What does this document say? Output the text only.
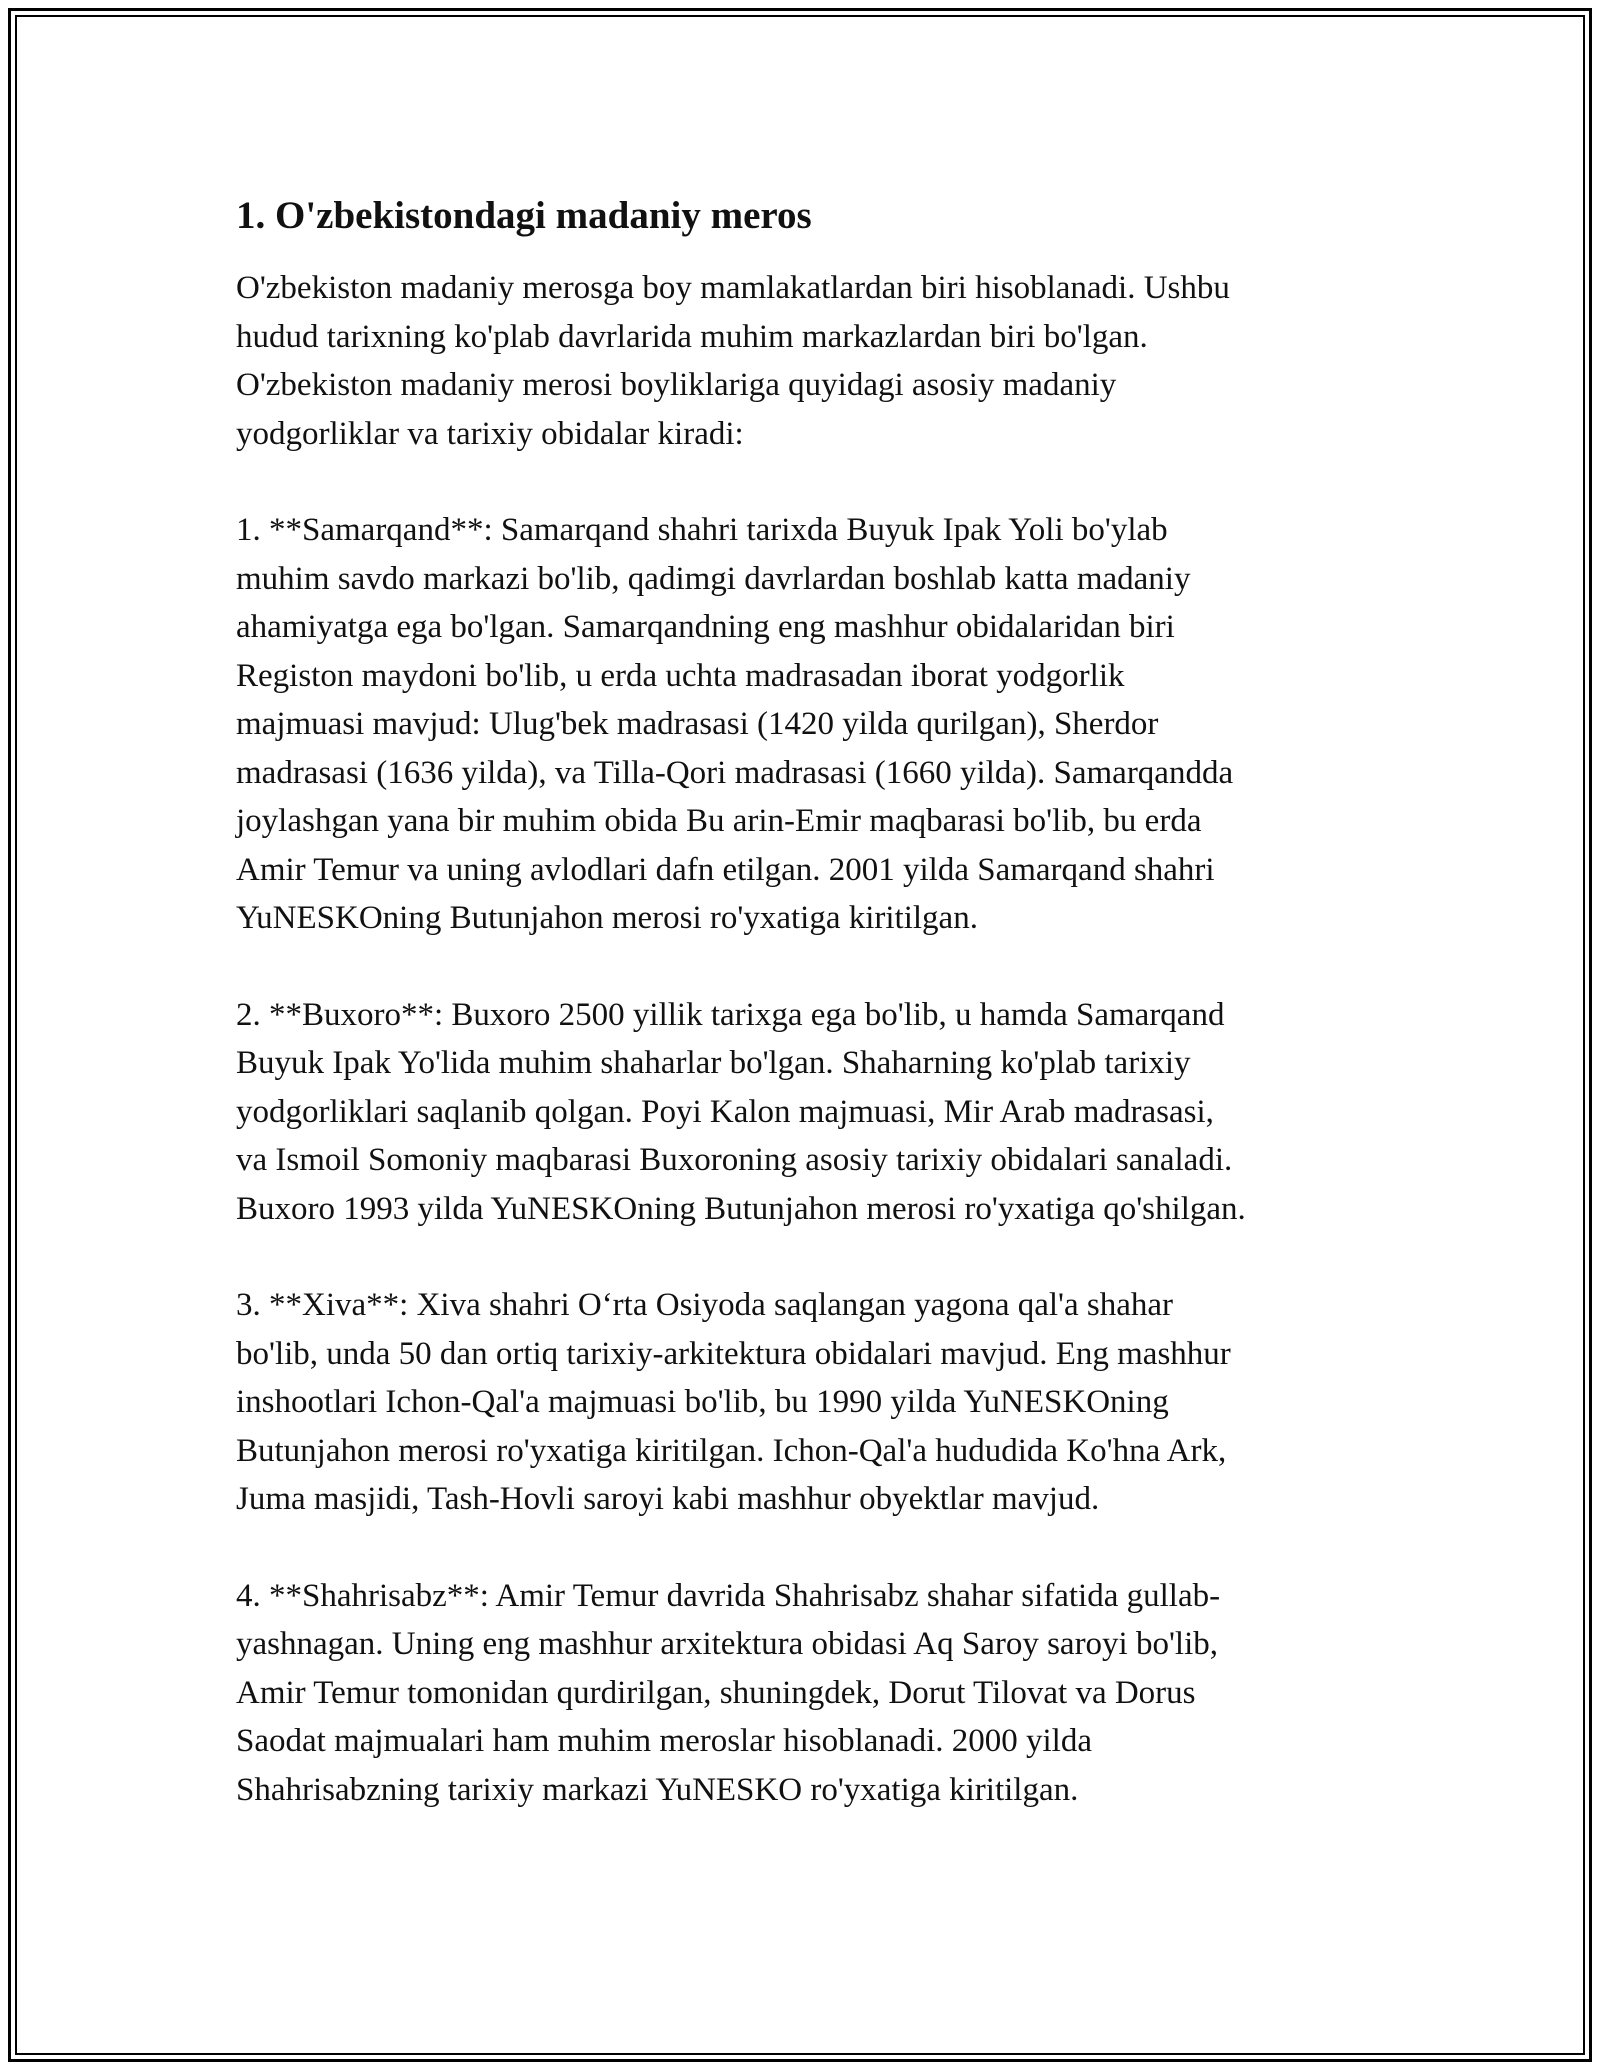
1. O'zbekistondagi madaniy meros

O'zbekiston madaniy merosga boy mamlakatlardan biri hisoblanadi. Ushbu
hudud tarixning ko'plab davrlarida muhim markazlardan biri bo'lgan.
O'zbekiston madaniy merosi boyliklariga quyidagi asosiy madaniy
yodgorliklar va tarixiy obidalar kiradi:

1. **Samarqand**: Samarqand shahri tarixda Buyuk Ipak Yoli bo'ylab
muhim savdo markazi bo'lib, qadimgi davrlardan boshlab katta madaniy
ahamiyatga ega bo'lgan. Samarqandning eng mashhur obidalaridan biri
Registon maydoni bo'lib, u erda uchta madrasadan iborat yodgorlik
majmuasi mavjud: Ulug'bek madrasasi (1420 yilda qurilgan), Sherdor
madrasasi (1636 yilda), va Tilla-Qori madrasasi (1660 yilda). Samarqandda
joylashgan yana bir muhim obida Bu arin-Emir maqbarasi bo'lib, bu erda
Amir Temur va uning avlodlari dafn etilgan. 2001 yilda Samarqand shahri
YuNESKOning Butunjahon merosi ro'yxatiga kiritilgan.

2. **Buxoro**: Buxoro 2500 yillik tarixga ega bo'lib, u hamda Samarqand
Buyuk Ipak Yo'lida muhim shaharlar bo'lgan. Shaharning ko'plab tarixiy
yodgorliklari saqlanib qolgan. Poyi Kalon majmuasi, Mir Arab madrasasi,
va Ismoil Somoniy maqbarasi Buxoroning asosiy tarixiy obidalari sanaladi.
Buxoro 1993 yilda YuNESKOning Butunjahon merosi ro'yxatiga qo'shilgan.

3. **Xiva**: Xiva shahri O‘rta Osiyoda saqlangan yagona qal'a shahar
bo'lib, unda 50 dan ortiq tarixiy-arkitektura obidalari mavjud. Eng mashhur
inshootlari Ichon-Qal'a majmuasi bo'lib, bu 1990 yilda YuNESKOning
Butunjahon merosi ro'yxatiga kiritilgan. Ichon-Qal'a hududida Ko'hna Ark,
Juma masjidi, Tash-Hovli saroyi kabi mashhur obyektlar mavjud.

4. **Shahrisabz**: Amir Temur davrida Shahrisabz shahar sifatida gullab-
yashnagan. Uning eng mashhur arxitektura obidasi Aq Saroy saroyi bo'lib,
Amir Temur tomonidan qurdirilgan, shuningdek, Dorut Tilovat va Dorus
Saodat majmualari ham muhim meroslar hisoblanadi. 2000 yilda
Shahrisabzning tarixiy markazi YuNESKO ro'yxatiga kiritilgan.
